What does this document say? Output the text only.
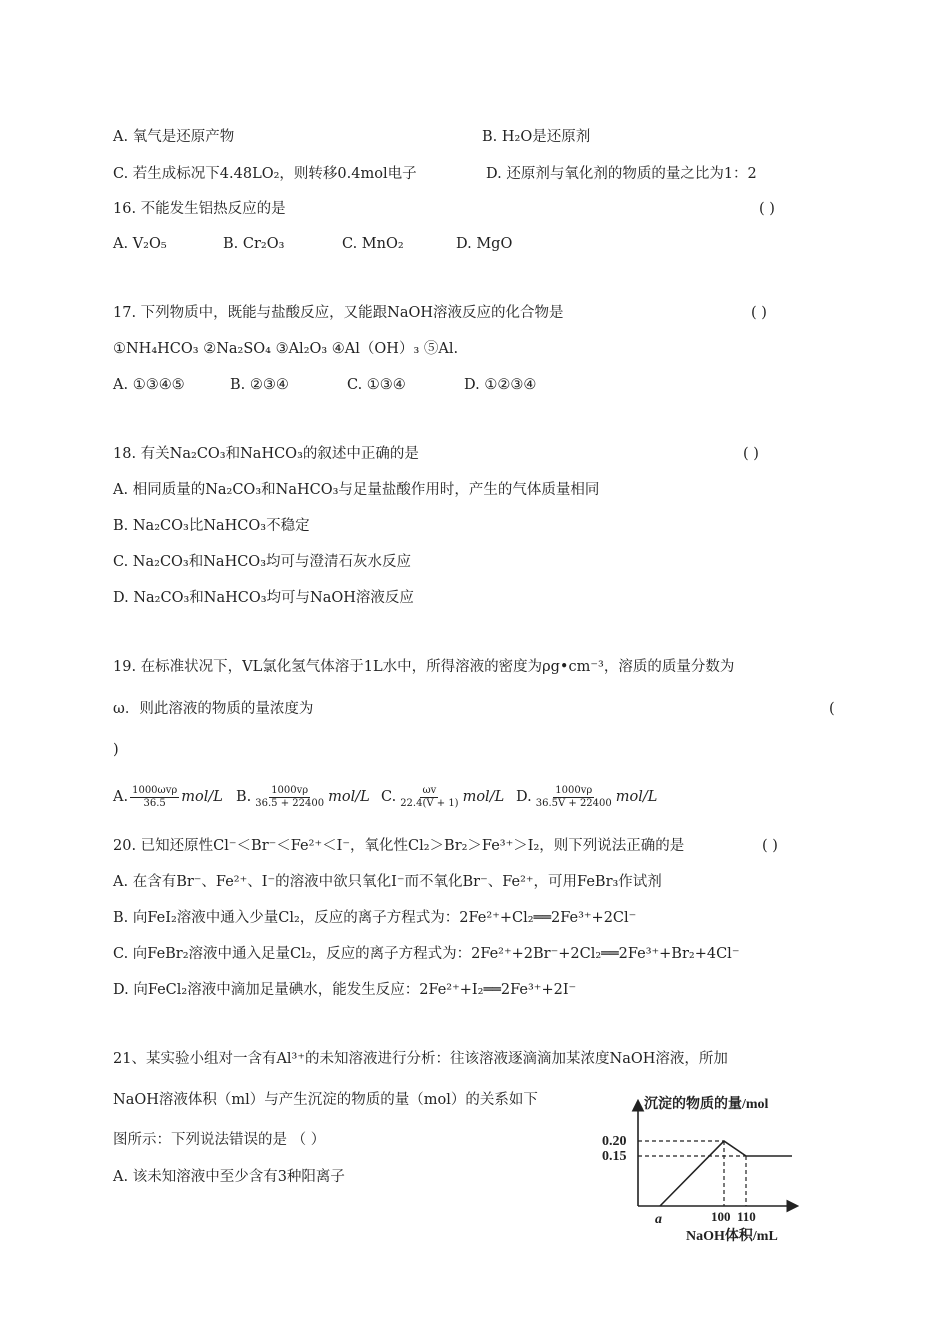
A. 氧气是还原产物	B. H₂O是还原剂
C. 若生成标况下4.48LO₂，则转移0.4mol电子	D. 还原剂与氧化剂的物质的量之比为1：2
16. 不能发生铝热反应的是	( )
A. V₂O₅	B. Cr₂O₃	C. MnO₂	D. MgO
17. 下列物质中，既能与盐酸反应，又能跟NaOH溶液反应的化合物是	( )
①NH₄HCO₃ ②Na₂SO₄ ③Al₂O₃ ④Al（OH）₃ ⑤Al.
A. ①③④⑤	B. ②③④	C. ①③④	D. ①②③④
18. 有关Na₂CO₃和NaHCO₃的叙述中正确的是	( )
A. 相同质量的Na₂CO₃和NaHCO₃与足量盐酸作用时，产生的气体质量相同
B. Na₂CO₃比NaHCO₃不稳定
C. Na₂CO₃和NaHCO₃均可与澄清石灰水反应
D. Na₂CO₃和NaHCO₃均可与NaOH溶液反应
19. 在标准状况下，VL氯化氢气体溶于1L水中，所得溶液的密度为ρg•cm⁻³，溶质的质量分数为
ω．则此溶液的物质的量浓度为	(
)
A. $\frac{\text{1000ωvρ}}{36.5} mol/L$ B. $\frac{1000v\rho}{36.5 + 22400} mol/L$ C. $\frac{\omega v}{22.4(V + 1)} mol/L$ D. $\frac{1000v\rho}{36.5V + 22400} mol/L$
20. 已知还原性Cl⁻＜Br⁻＜Fe²⁺＜I⁻，氧化性Cl₂＞Br₂＞Fe³⁺＞I₂，则下列说法正确的是	( )
A. 在含有Br⁻、Fe²⁺、I⁻的溶液中欲只氧化I⁻而不氧化Br⁻、Fe²⁺，可用FeBr₃作试剂
B. 向FeI₂溶液中通入少量Cl₂，反应的离子方程式为：2Fe²⁺+Cl₂══2Fe³⁺+2Cl⁻
C. 向FeBr₂溶液中通入足量Cl₂，反应的离子方程式为：2Fe²⁺+2Br⁻+2Cl₂══2Fe³⁺+Br₂+4Cl⁻
D. 向FeCl₂溶液中滴加足量碘水，能发生反应：2Fe²⁺+I₂══2Fe³⁺+2I⁻
21、某实验小组对一含有Al³⁺的未知溶液进行分析：往该溶液逐滴滴加某浓度NaOH溶液，所加
NaOH溶液体积（ml）与产生沉淀的物质的量（mol）的关系如下
图所示：下列说法错误的是 （ ）
A. 该未知溶液中至少含有3种阳离子
沉淀的物质的量/mol
NaOH体积/mL
0.20
0.15
a	100 110
